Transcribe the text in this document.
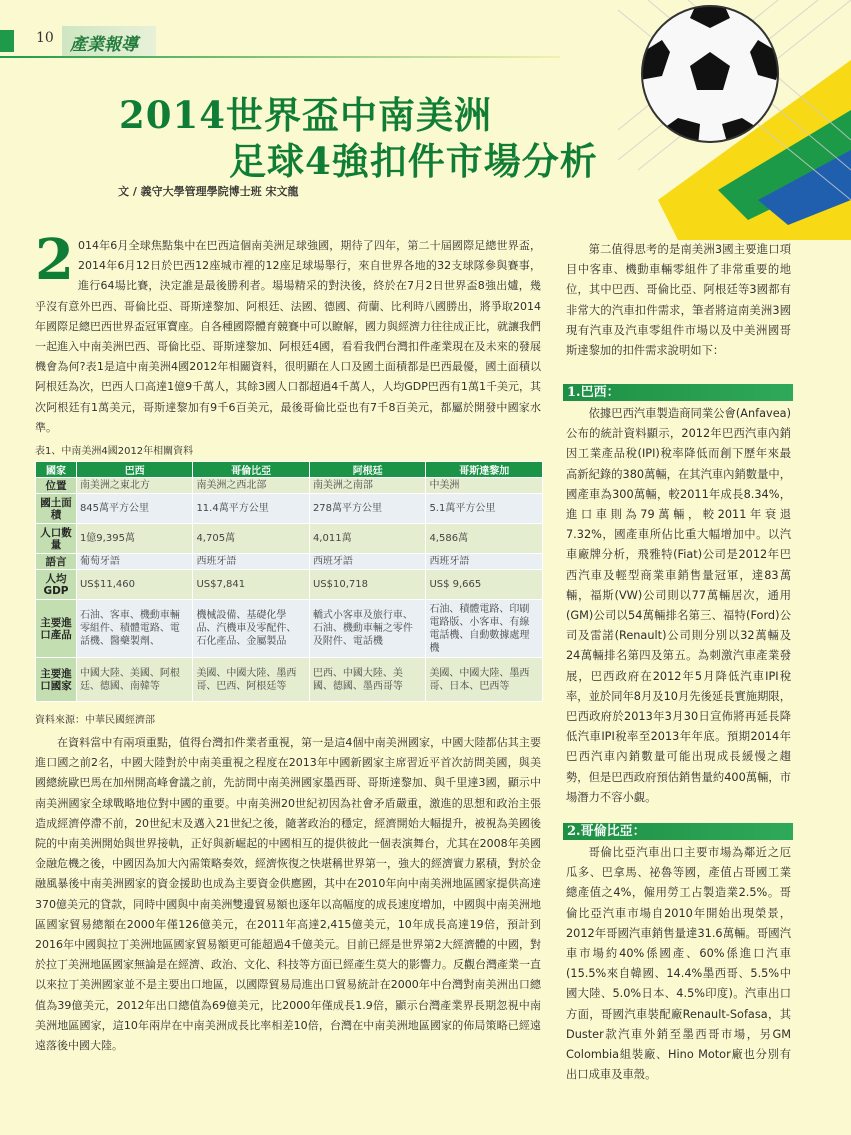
10 產業報導
2014世界盃中南美洲
足球4強扣件市場分析
文 / 義守大學管理學院博士班 宋文龍
2 014年6月全球焦點集中在巴西這個南美洲足球強國，期待了四年，第二十屆國際足總世界盃，2014年6月12日於巴西12座城市裡的12座足球場舉行，來自世界各地的32支球隊參與賽事，進行64場比賽，決定誰是最後勝利者。場場精采的對決後，終於在7月2日世界盃8強出爐，幾乎沒有意外巴西、哥倫比亞、哥斯達黎加、阿根廷、法國、德國、荷蘭、比利時八國勝出，將爭取2014年國際足總巴西世界盃冠軍寶座。自各種國際體育競賽中可以瞭解，國力與經濟力往往成正比，就讓我們一起進入中南美洲巴西、哥倫比亞、哥斯達黎加、阿根廷4國，看看我們台灣扣件產業現在及未來的發展機會為何?表1是這中南美洲4國2012年相關資料，很明顯在人口及國土面積都是巴西最優，國土面積以阿根廷為次，巴西人口高達1億9千萬人，其餘3國人口都超過4千萬人，人均GDP巴西有1萬1千美元，其次阿根廷有1萬美元，哥斯達黎加有9千6百美元，最後哥倫比亞也有7千8百美元，都屬於開發中國家水準。
表1、中南美洲4國2012年相關資料
國家	巴西	哥倫比亞	阿根廷	哥斯達黎加
位置	南美洲之東北方	南美洲之西北部	南美洲之南部	中美洲
國土面積	845萬平方公里	11.4萬平方公里	278萬平方公里	5.1萬平方公里
人口數量	1億9,395萬	4,705萬	4,011萬	4,586萬
語言	葡萄牙語	西班牙語	西班牙語	西班牙語
人均GDP	US$11,460	US$7,841	US$10,718	US$ 9,665
主要進口產品	石油、客車、機動車輛零組件、積體電路、電話機、醫藥製劑、	機械設備、基礎化學品、汽機車及零配件、石化產品、金屬製品	轎式小客車及旅行車、石油、機動車輛之零件及附件、電話機	石油、積體電路、印刷電路版、小客車、有線電話機、自動數據處理機
主要進口國家	中國大陸、美國、阿根廷、德國、南韓等	美國、中國大陸、墨西哥、巴西、阿根廷等	巴西、中國大陸、美國、德國、墨西哥等	美國、中國大陸、墨西哥、日本、巴西等
資料來源：中華民國經濟部
在資料當中有兩項重點，值得台灣扣件業者重視，第一是這4個中南美洲國家，中國大陸都佔其主要進口國之前2名，中國大陸對於中南美重視之程度在2013年中國新國家主席習近平首次訪問美國，與美國總統歐巴馬在加州開高峰會議之前，先訪問中南美洲國家墨西哥、哥斯達黎加、與千里達3國，顯示中南美洲國家全球戰略地位對中國的重要。中南美洲20世紀初因為社會矛盾嚴重，激進的思想和政治主張造成經濟停滯不前，20世紀末及邁入21世紀之後，隨著政治的穩定，經濟開始大幅提升，被視為美國後院的中南美洲開始與世界接軌，正好與新崛起的中國相互的提供彼此一個表演舞台，尤其在2008年美國金融危機之後，中國因為加大內需策略奏效，經濟恢復之快堪稱世界第一，強大的經濟實力累積，對於金融風暴後中南美洲國家的資金援助也成為主要資金供應國，其中在2010年向中南美洲地區國家提供高達370億美元的貸款，同時中國與中南美洲雙邊貿易額也逐年以高幅度的成長速度增加，中國與中南美洲地區國家貿易總額在2000年僅126億美元，在2011年高達2,415億美元，10年成長高達19倍，預計到2016年中國與拉丁美洲地區國家貿易額更可能超過4千億美元。目前已經是世界第2大經濟體的中國，對於拉丁美洲地區國家無論是在經濟、政治、文化、科技等方面已經產生莫大的影響力。反觀台灣產業一直以來拉丁美洲國家並不是主要出口地區，以國際貿易局進出口貿易統計在2000年中台灣對南美洲出口總值為39億美元，2012年出口總值為69億美元，比2000年僅成長1.9倍，顯示台灣產業界長期忽視中南美洲地區國家，這10年兩岸在中南美洲成長比率相差10倍，台灣在中南美洲地區國家的佈局策略已經遠遠落後中國大陸。
第二值得思考的是南美洲3國主要進口項目中客車、機動車輛零組件了非常重要的地位，其中巴西、哥倫比亞、阿根廷等3國都有非常大的汽車扣件需求，筆者將這南美洲3國現有汽車及汽車零組件市場以及中美洲國哥斯達黎加的扣件需求說明如下：
1.巴西：
依據巴西汽車製造商同業公會(Anfavea)公布的統計資料顯示，2012年巴西汽車內銷因工業產品稅(IPI)稅率降低而創下歷年來最高新紀錄的380萬輛，在其汽車內銷數量中，國產車為300萬輛，較2011年成長8.34%，進口車則為79萬輛，較2011年衰退7.32%，國產車所佔比重大幅增加中。以汽車廠牌分析，飛雅特(Fiat)公司是2012年巴西汽車及輕型商業車銷售量冠軍，達83萬輛，福斯(VW)公司則以77萬輛居次，通用(GM)公司以54萬輛排名第三、福特(Ford)公司及雷諾(Renault)公司則分別以32萬輛及24萬輛排名第四及第五。為刺激汽車產業發展，巴西政府在2012年5月降低汽車IPI稅率，並於同年8月及10月先後延長實施期限，巴西政府於2013年3月30日宣佈將再延長降低汽車IPI稅率至2013年年底。預期2014年巴西汽車內銷數量可能出現成長緩慢之趨勢，但是巴西政府預估銷售量約400萬輛，市場潛力不容小覷。
2.哥倫比亞：
哥倫比亞汽車出口主要市場為鄰近之厄瓜多、巴拿馬、祕魯等國，產值占哥國工業總產值之4%，僱用勞工占製造業2.5%。哥倫比亞汽車市場自2010年開始出現榮景，2012年哥國汽車銷售量達31.6萬輛。哥國汽車市場約40%係國產、60%係進口汽車(15.5%來自韓國、14.4%墨西哥、5.5%中國大陸、5.0%日本、4.5%印度)。汽車出口方面，哥國汽車裝配廠Renault-Sofasa，其Duster款汽車外銷至墨西哥市場，另GM Colombia組裝廠、Hino Motor廠也分別有出口成車及車殼。
